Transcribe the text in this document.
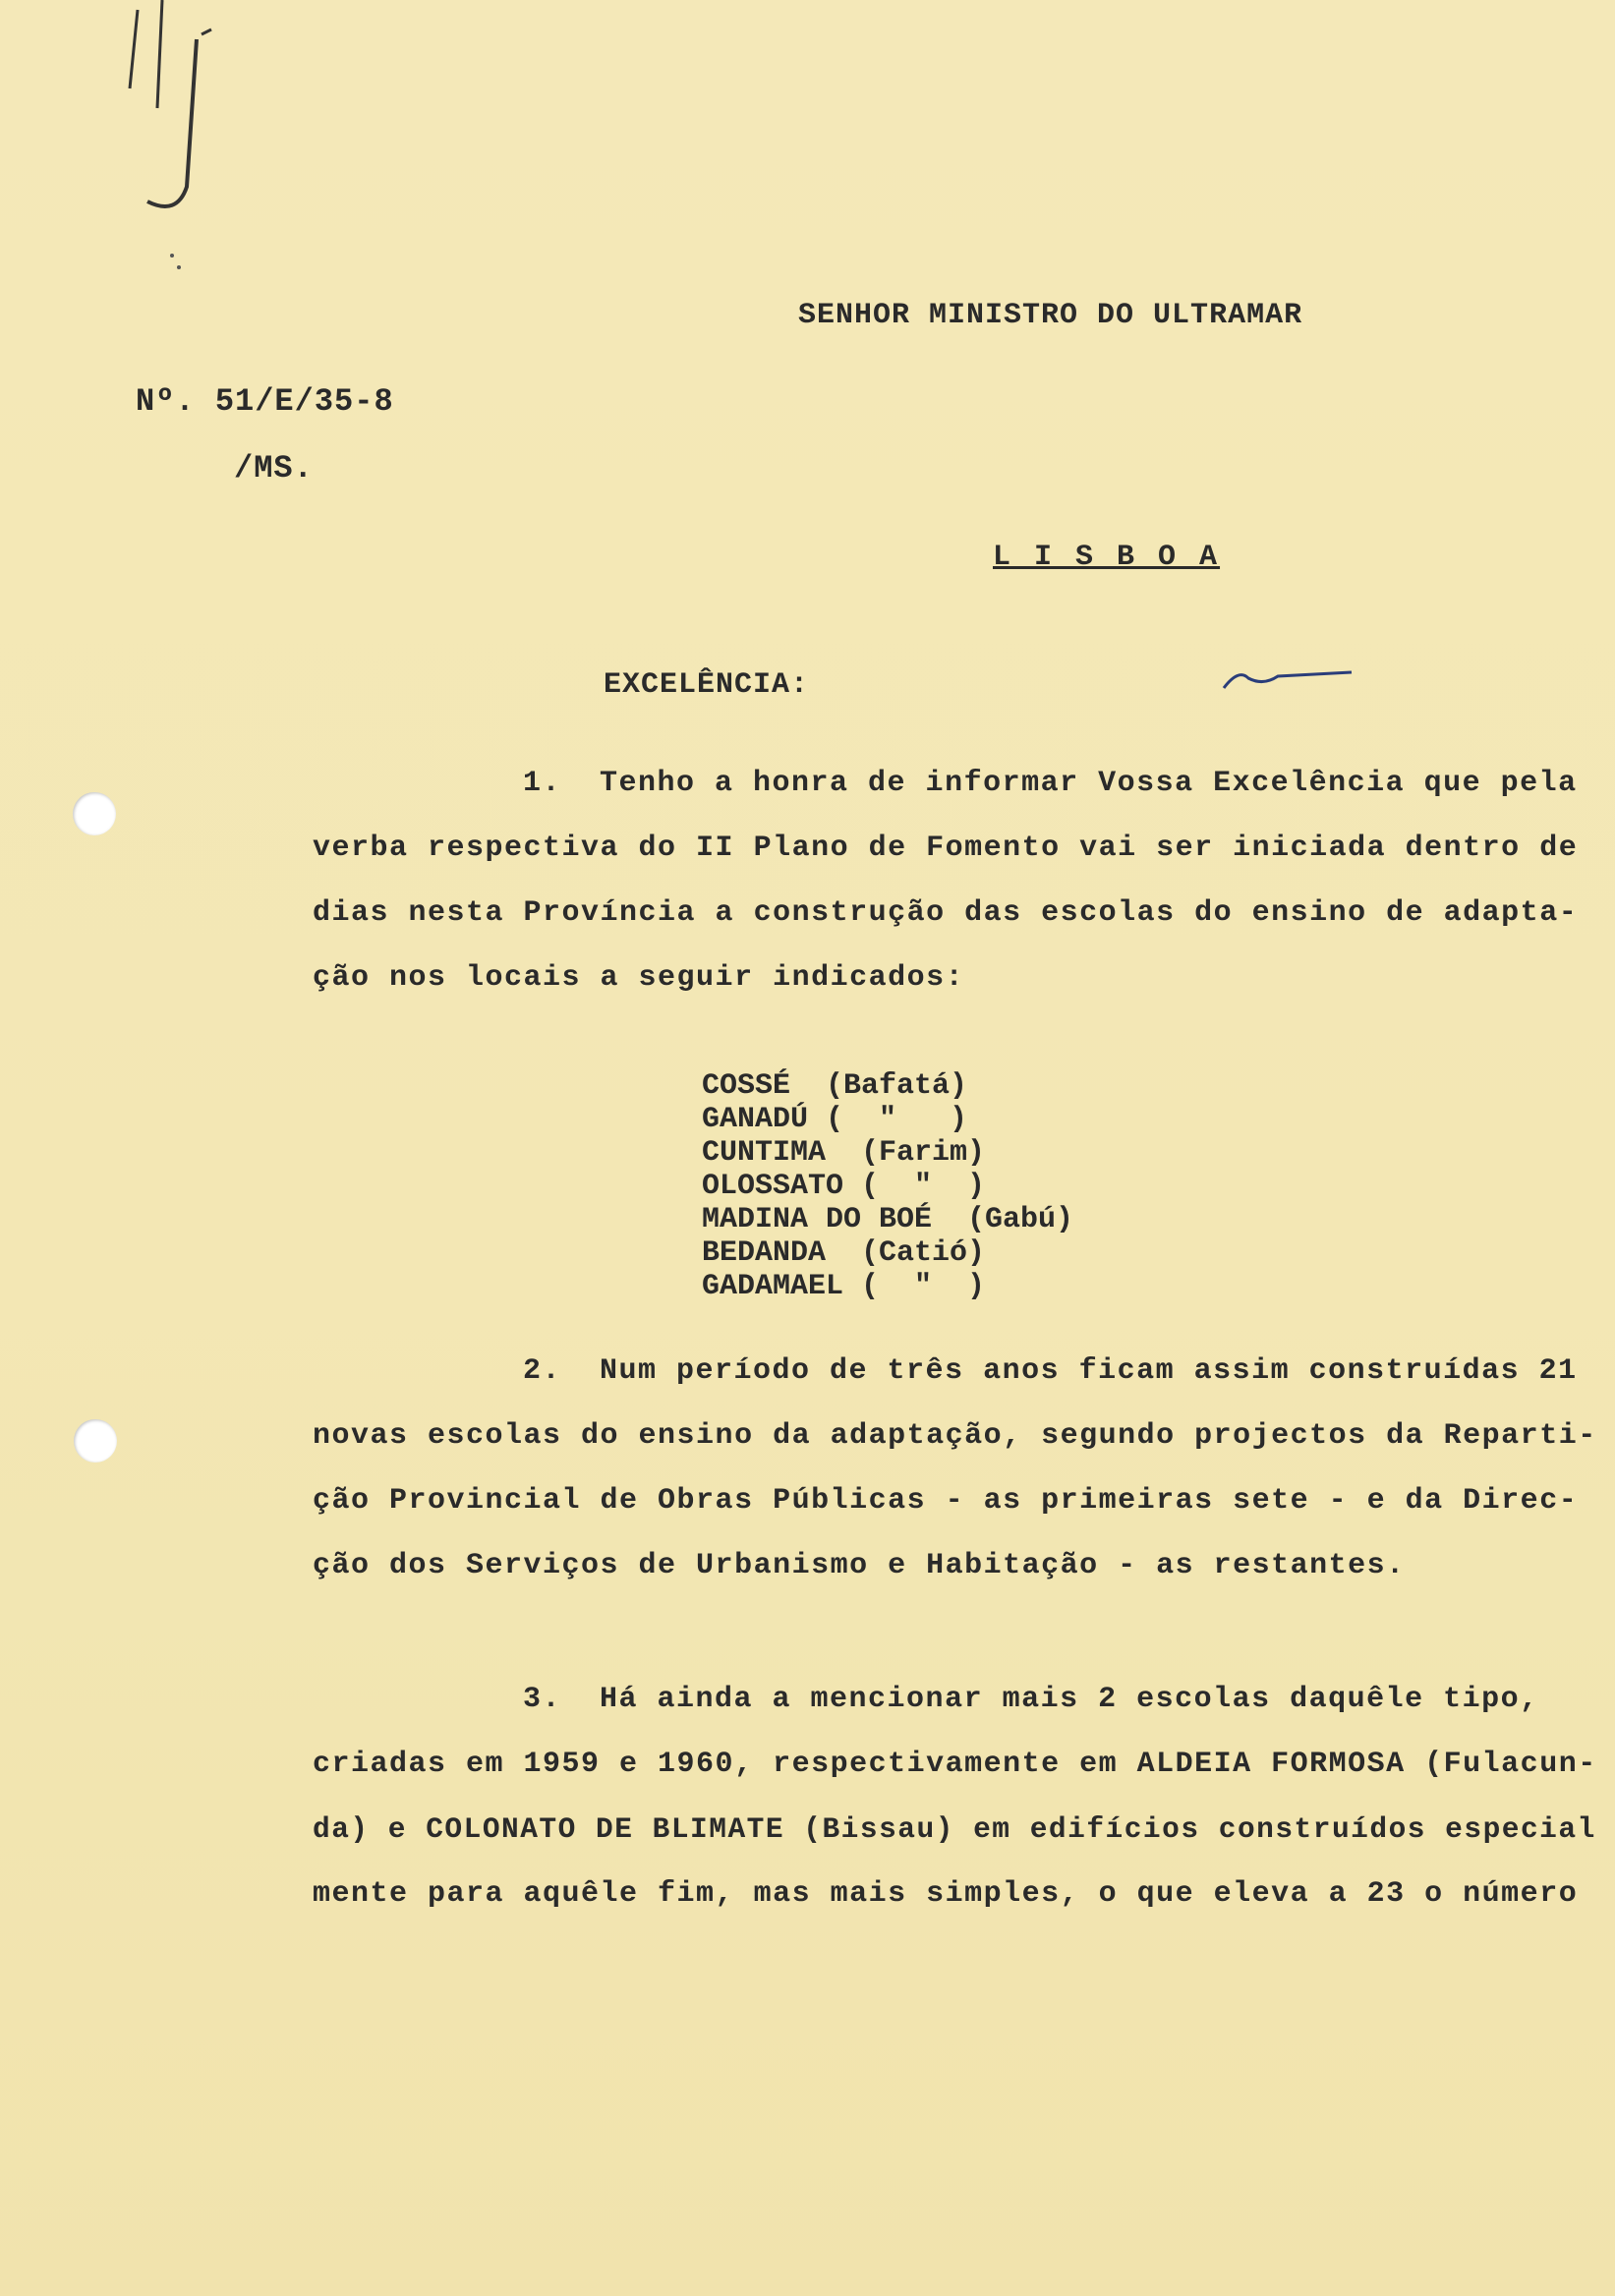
SENHOR MINISTRO DO ULTRAMAR
Nº. 51/E/35-8
/MS.
L I S B O A
EXCELÊNCIA:
1.  Tenho a honra de informar Vossa Excelência que pela
verba respectiva do II Plano de Fomento vai ser iniciada dentro de
dias nesta Província a construção das escolas do ensino de adapta-
ção nos locais a seguir indicados:
COSSÉ  (Bafatá)
GANADÚ (  "   )
CUNTIMA  (Farim)
OLOSSATO (  "  )
MADINA DO BOÉ  (Gabú)
BEDANDA  (Catió)
GADAMAEL (  "  )
2.  Num período de três anos ficam assim construídas 21
novas escolas do ensino da adaptação, segundo projectos da Reparti-
ção Provincial de Obras Públicas - as primeiras sete - e da Direc-
ção dos Serviços de Urbanismo e Habitação - as restantes.
3.  Há ainda a mencionar mais 2 escolas daquêle tipo,
criadas em 1959 e 1960, respectivamente em ALDEIA FORMOSA (Fulacun-
da) e COLONATO DE BLIMATE (Bissau) em edifícios construídos especial
mente para aquêle fim, mas mais simples, o que eleva a 23 o número
